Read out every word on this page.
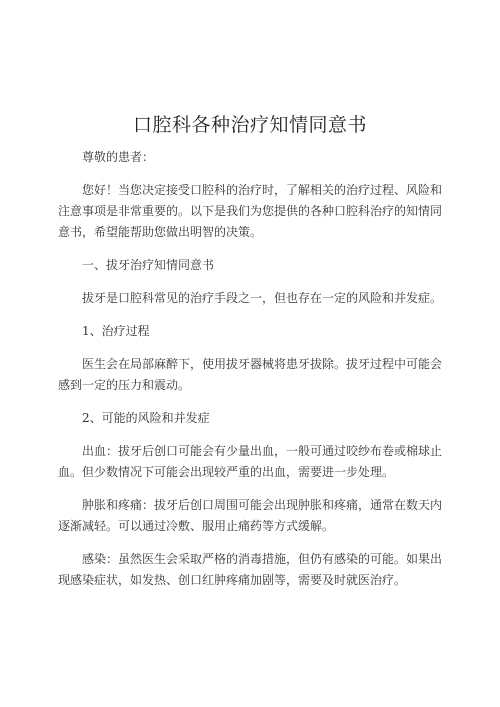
口腔科各种治疗知情同意书

尊敬的患者：

您好！当您决定接受口腔科的治疗时，了解相关的治疗过程、风险和注意事项是非常重要的。以下是我们为您提供的各种口腔科治疗的知情同意书，希望能帮助您做出明智的决策。

一、拔牙治疗知情同意书

拔牙是口腔科常见的治疗手段之一，但也存在一定的风险和并发症。

1、治疗过程

医生会在局部麻醉下，使用拔牙器械将患牙拔除。拔牙过程中可能会感到一定的压力和震动。

2、可能的风险和并发症

出血：拔牙后创口可能会有少量出血，一般可通过咬纱布卷或棉球止血。但少数情况下可能会出现较严重的出血，需要进一步处理。

肿胀和疼痛：拔牙后创口周围可能会出现肿胀和疼痛，通常在数天内逐渐减轻。可以通过冷敷、服用止痛药等方式缓解。

感染：虽然医生会采取严格的消毒措施，但仍有感染的可能。如果出现感染症状，如发热、创口红肿疼痛加剧等，需要及时就医治疗。
